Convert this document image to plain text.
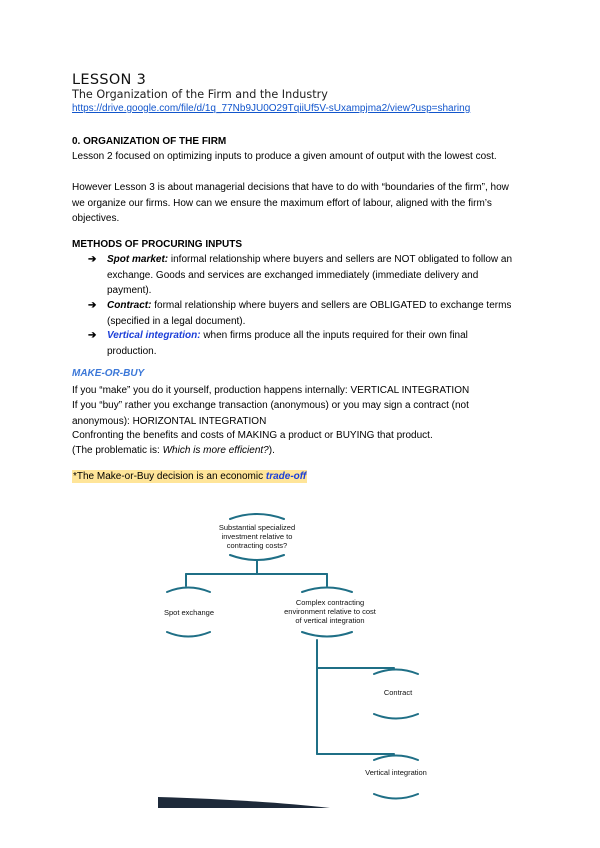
LESSON 3
The Organization of the Firm and the Industry
https://drive.google.com/file/d/1q_77Nb9JU0O29TqiiUf5V-sUxampjma2/view?usp=sharing
0. ORGANIZATION OF THE FIRM
Lesson 2 focused on optimizing inputs to produce a given amount of output with the lowest cost.
However Lesson 3 is about managerial decisions that have to do with “boundaries of the firm”, how we organize our firms. How can we ensure the maximum effort of labour, aligned with the firm’s objectives.
METHODS OF PROCURING INPUTS
➔ Spot market: informal relationship where buyers and sellers are NOT obligated to follow an exchange. Goods and services are exchanged immediately (immediate delivery and payment).
➔ Contract: formal relationship where buyers and sellers are OBLIGATED to exchange terms (specified in a legal document).
➔ Vertical integration: when firms produce all the inputs required for their own final production.
MAKE-OR-BUY
If you “make” you do it yourself, production happens internally: VERTICAL INTEGRATION
If you “buy” rather you exchange transaction (anonymous) or you may sign a contract (not anonymous): HORIZONTAL INTEGRATION
Confronting the benefits and costs of MAKING a product or BUYING that product.
(The problematic is: Which is more efficient?).
*The Make-or-Buy decision is an economic trade-off
Substantial specialized investment relative to contracting costs?
Spot exchange
Complex contracting environment relative to cost of vertical integration
Contract
Vertical integration
